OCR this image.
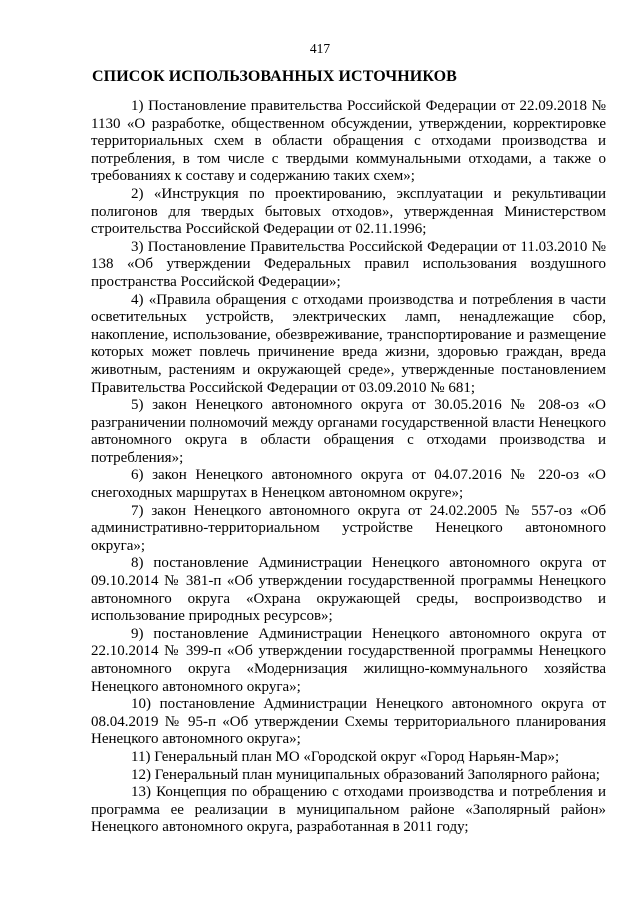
417
СПИСОК ИСПОЛЬЗОВАННЫХ ИСТОЧНИКОВ

1) Постановление правительства Российской Федерации от 22.09.2018 № 1130 «О разработке, общественном обсуждении, утверждении, корректировке территориальных схем в области обращения с отходами производства и потребления, в том числе с твердыми коммунальными отходами, а также о требованиях к составу и содержанию таких схем»;

2) «Инструкция по проектированию, эксплуатации и рекультивации полигонов для твердых бытовых отходов», утвержденная Министерством строительства Российской Федерации от 02.11.1996;

3) Постановление Правительства Российской Федерации от 11.03.2010 № 138 «Об утверждении Федеральных правил использования воздушного пространства Российской Федерации»;

4) «Правила обращения с отходами производства и потребления в части осветительных устройств, электрических ламп, ненадлежащие сбор, накопление, использование, обезвреживание, транспортирование и размещение которых может повлечь причинение вреда жизни, здоровью граждан, вреда животным, растениям и окружающей среде», утвержденные постановлением Правительства Российской Федерации от 03.09.2010 № 681;

5) закон Ненецкого автономного округа от 30.05.2016 № 208-оз «О разграничении полномочий между органами государственной власти Ненецкого автономного округа в области обращения с отходами производства и потребления»;

6) закон Ненецкого автономного округа от 04.07.2016 № 220-оз «О снегоходных маршрутах в Ненецком автономном округе»;

7) закон Ненецкого автономного округа от 24.02.2005 № 557-оз «Об административно-территориальном устройстве Ненецкого автономного округа»;

8) постановление Администрации Ненецкого автономного округа от 09.10.2014 № 381-п «Об утверждении государственной программы Ненецкого автономного округа «Охрана окружающей среды, воспроизводство и использование природных ресурсов»;

9) постановление Администрации Ненецкого автономного округа от 22.10.2014 № 399-п «Об утверждении государственной программы Ненецкого автономного округа «Модернизация жилищно-коммунального хозяйства Ненецкого автономного округа»;

10) постановление Администрации Ненецкого автономного округа от 08.04.2019 № 95-п «Об утверждении Схемы территориального планирования Ненецкого автономного округа»;

11) Генеральный план МО «Городской округ «Город Нарьян-Мар»;

12) Генеральный план муниципальных образований Заполярного района;

13) Концепция по обращению с отходами производства и потребления и программа ее реализации в муниципальном районе «Заполярный район» Ненецкого автономного округа, разработанная в 2011 году;
